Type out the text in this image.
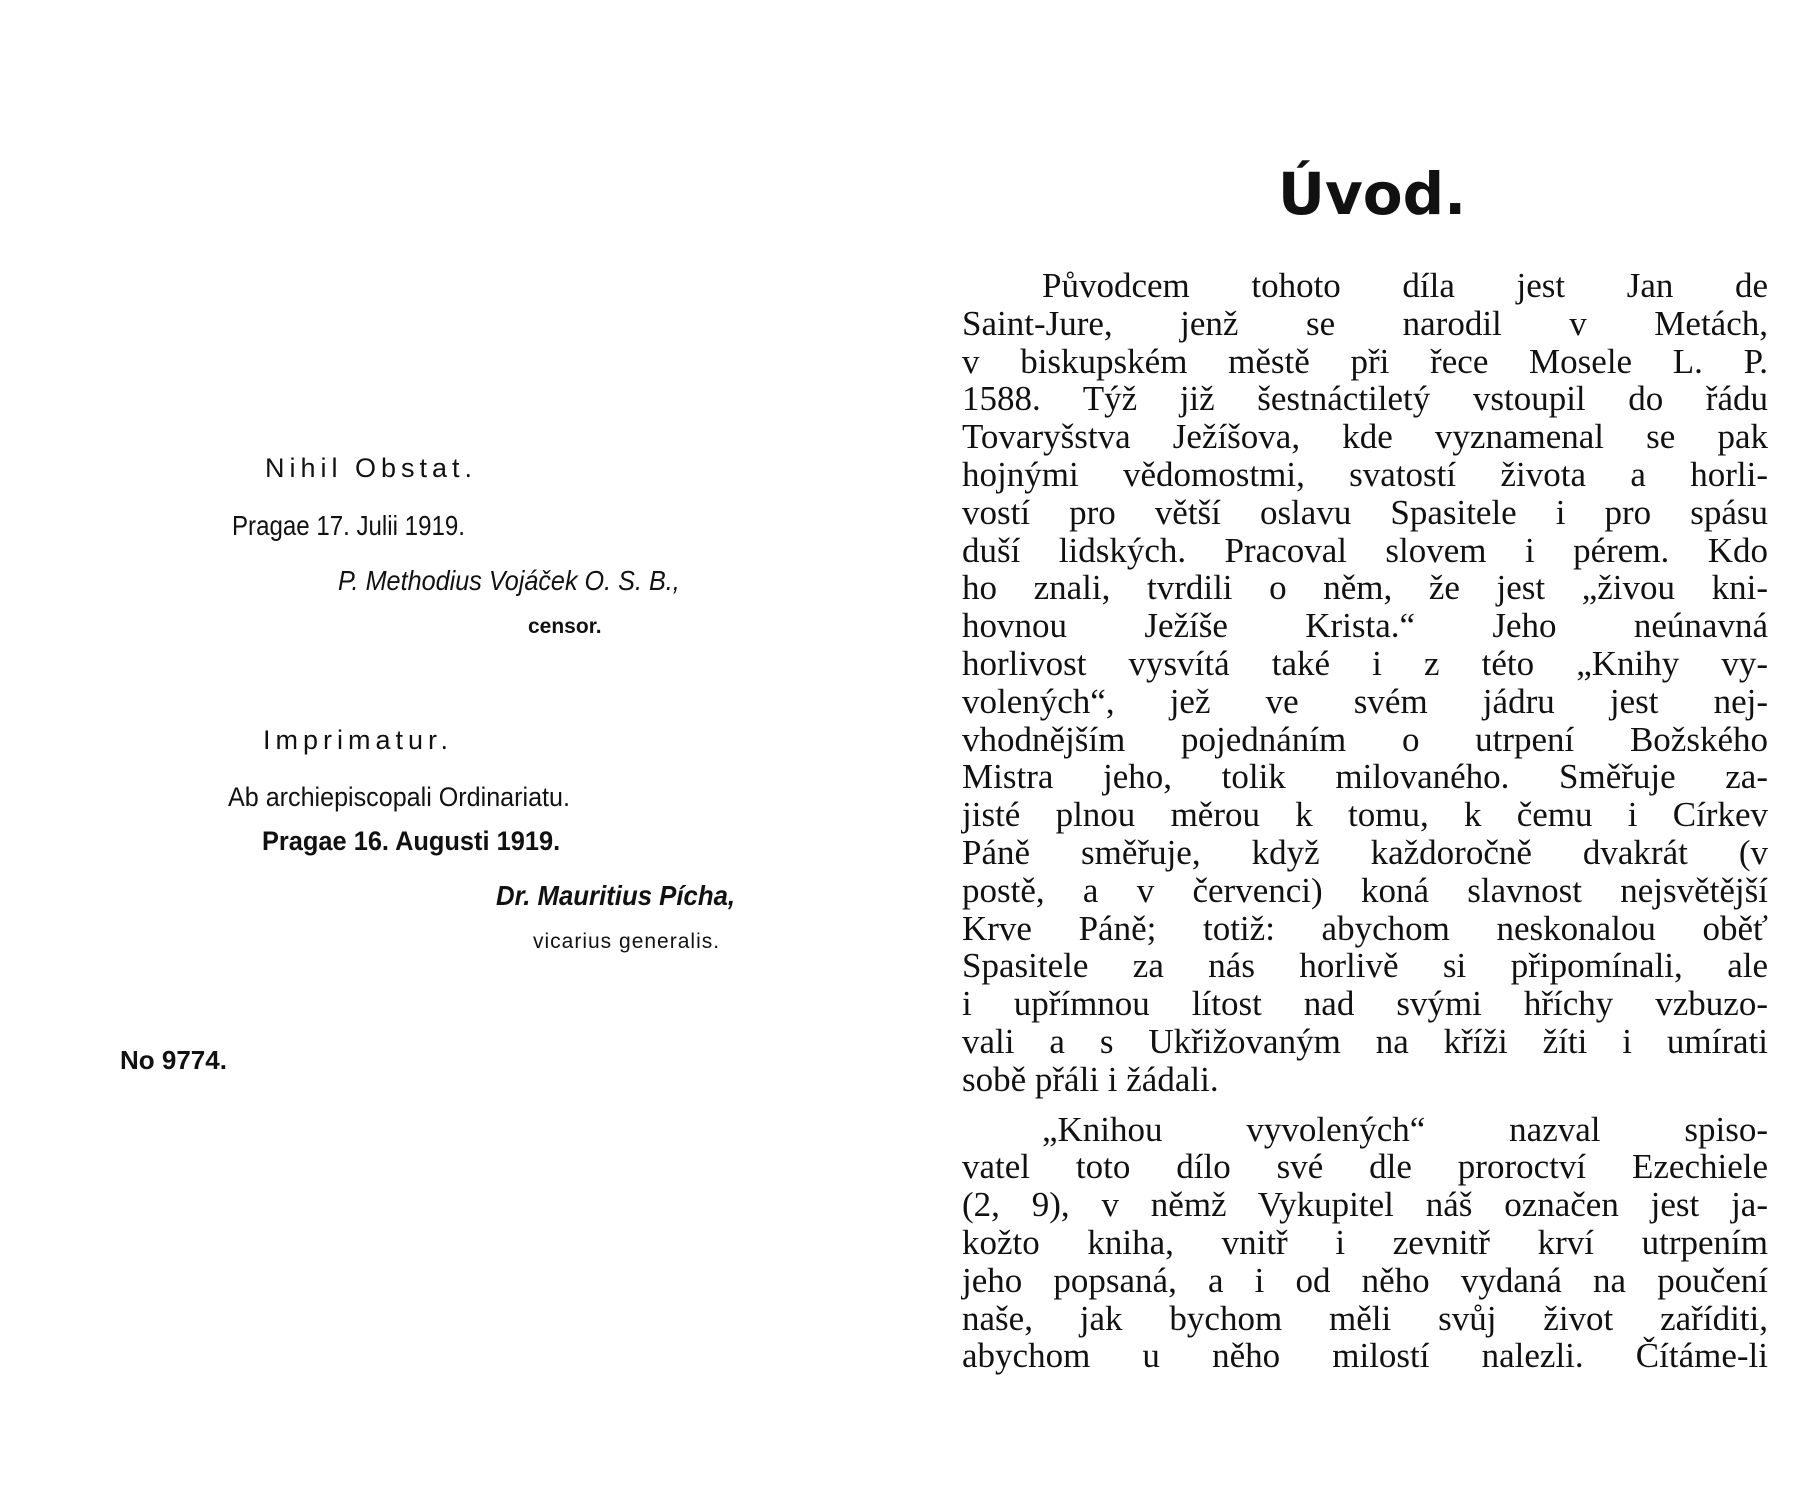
Nihil Obstat.
Pragae 17. Julii 1919.
P. Methodius Vojáček O. S. B.,
censor.
Imprimatur.
Ab archiepiscopali Ordinariatu.
Pragae 16. Augusti 1919.
Dr. Mauritius Pícha,
vicarius generalis.
No 9774.
Úvod.
Původcem tohoto díla jest Jan de
Saint-Jure, jenž se narodil v Metách,
v biskupském městě při řece Mosele L. P.
1588. Týž již šestnáctiletý vstoupil do řádu
Tovaryšstva Ježíšova, kde vyznamenal se pak
hojnými vědomostmi, svatostí života a horli-
vostí pro větší oslavu Spasitele i pro spásu
duší lidských. Pracoval slovem i pérem. Kdo
ho znali, tvrdili o něm, že jest „živou kni-
hovnou Ježíše Krista.“ Jeho neúnavná
horlivost vysvítá také i z této „Knihy vy-
volených“, jež ve svém jádru jest nej-
vhodnějším pojednáním o utrpení Božského
Mistra jeho, tolik milovaného. Směřuje za-
jisté plnou měrou k tomu, k čemu i Církev
Páně směřuje, když každoročně dvakrát (v
postě, a v červenci) koná slavnost nejsvětější
Krve Páně; totiž: abychom neskonalou oběť
Spasitele za nás horlivě si připomínali, ale
i upřímnou lítost nad svými hříchy vzbuzo-
vali a s Ukřižovaným na kříži žíti i umírati
sobě přáli i žádali.
„Knihou vyvolených“ nazval spiso-
vatel toto dílo své dle proroctví Ezechiele
(2, 9), v němž Vykupitel náš označen jest ja-
kožto kniha, vnitř i zevnitř krví utrpením
jeho popsaná, a i od něho vydaná na poučení
naše, jak bychom měli svůj život zaříditi,
abychom u něho milostí nalezli. Čítáme-li
